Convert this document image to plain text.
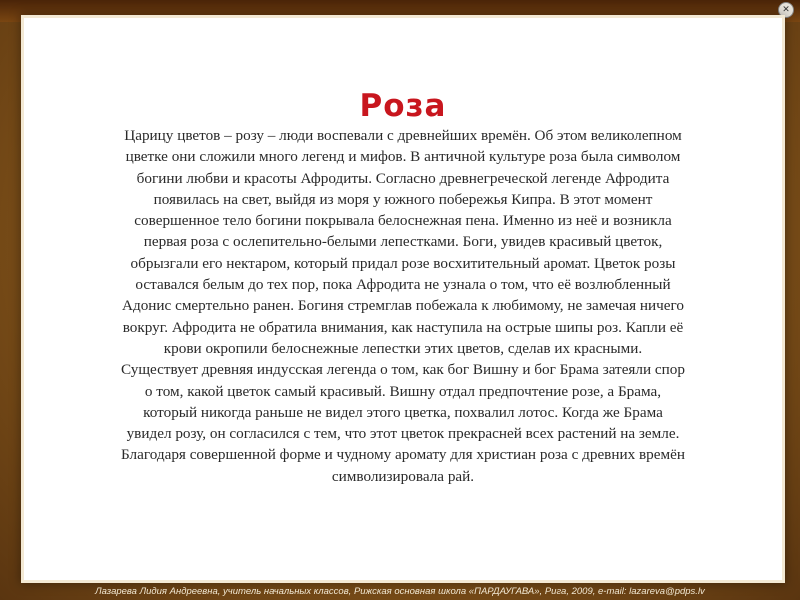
✕
Роза
Царицу цветов – розу – люди воспевали с древнейших времён. Об этом великолепном
цветке они сложили много легенд и мифов. В античной культуре роза была символом
богини любви и красоты Афродиты. Согласно древнегреческой легенде Афродита
появилась на свет, выйдя из моря у южного побережья Кипра. В этот момент
совершенное тело богини покрывала белоснежная пена. Именно из неё и возникла
первая роза с ослепительно-белыми лепестками. Боги, увидев красивый цветок,
обрызгали его нектаром, который придал розе восхитительный аромат. Цветок розы
оставался белым до тех пор, пока Афродита не узнала о том, что её возлюбленный
Адонис смертельно ранен. Богиня стремглав побежала к любимому, не замечая ничего
вокруг. Афродита не обратила внимания, как наступила на острые шипы роз. Капли её
крови окропили белоснежные лепестки этих цветов, сделав их красными.
Существует древняя индусская легенда о том, как бог Вишну и бог Брама затеяли спор
о том, какой цветок самый красивый. Вишну отдал предпочтение розе, а Брама,
который никогда раньше не видел этого цветка, похвалил лотос. Когда же Брама
увидел розу, он согласился с тем, что этот цветок прекрасней всех растений на земле.
Благодаря совершенной форме и чудному аромату для христиан роза с древних времён
символизировала рай.
Лазарева Лидия Андреевна, учитель начальных классов, Рижская основная школа «ПАРДАУГАВА», Рига, 2009, e-mail: lazareva@pdps.lv
